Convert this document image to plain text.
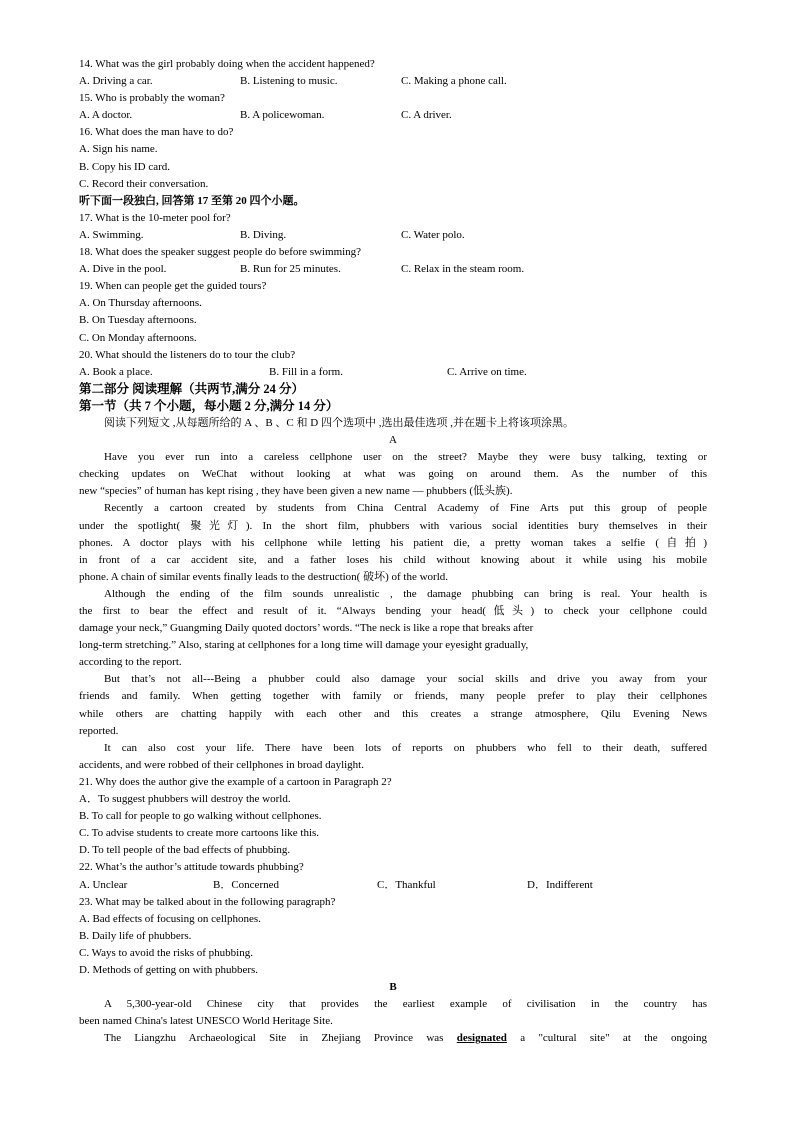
14. What was the girl probably doing when the accident happened?
A. Driving a car.	B. Listening to music.	C. Making a phone call.
15. Who is probably the woman?
A. A doctor.	B. A policewoman.	C. A driver.
16. What does the man have to do?
A. Sign his name.
B. Copy his ID card.
C. Record their conversation.
听下面一段独白, 回答第 17 至第 20 四个小题。
17. What is the 10-meter pool for?
A. Swimming.	B. Diving.	C. Water polo.
18. What does the speaker suggest people do before swimming?
A. Dive in the pool.	B. Run for 25 minutes.	C. Relax in the steam room.
19. When can people get the guided tours?
A. On Thursday afternoons.
B. On Tuesday afternoons.
C. On Monday afternoons.
20. What should the listeners do to tour the club?
A. Book a place.	B. Fill in a form.	C. Arrive on time.
第二部分 阅读理解（共两节,满分 24 分）
第一节（共 7 个小题，每小题 2 分,满分 14 分）
阅读下列短文 ,从每题所给的 A 、B 、C 和 D 四个选项中 ,选出最佳选项 ,并在题卡上将该项涂黑。
A
Have you ever run into a careless cellphone user on the street? Maybe they were busy talking, texting or
checking updates on WeChat without looking at what was going on around them. As the number of this
new “species” of human has kept rising , they have been given a new name — phubbers (低头族).
Recently a cartoon created by students from China Central Academy of Fine Arts put this group of people
under the spotlight( 聚光灯). In the short film, phubbers with various social identities bury themselves in their
phones. A doctor plays with his cellphone while letting his patient die, a pretty woman takes a selfie (自拍)
in front of a car accident site, and a father loses his child without knowing about it while using his mobile
phone. A chain of similar events finally leads to the destruction( 破坏) of the world.
Although the ending of the film sounds unrealistic , the damage phubbing can bring is real. Your health is
the first to bear the effect and result of it. “Always bending your head(低头) to check your cellphone could
damage your neck,” Guangming Daily quoted doctors’ words. “The neck is like a rope that breaks after
long-term stretching.” Also, staring at cellphones for a long time will damage your eyesight gradually,
according to the report.
But that’s not all---Being a phubber could also damage your social skills and drive you away from your
friends and family. When getting together with family or friends, many people prefer to play their cellphones
while others are chatting happily with each other and this creates a strange atmosphere, Qilu Evening News
reported.
It can also cost your life. There have been lots of reports on phubbers who fell to their death, suffered
accidents, and were robbed of their cellphones in broad daylight.
21. Why does the author give the example of a cartoon in Paragraph 2?
A．To suggest phubbers will destroy the world.
B. To call for people to go walking without cellphones.
C. To advise students to create more cartoons like this.
D. To tell people of the bad effects of phubbing.
22. What’s the author’s attitude towards phubbing?
A. Unclear	B．Concerned	C．Thankful	D．Indifferent
23. What may be talked about in the following paragraph?
A. Bad effects of focusing on cellphones.
B. Daily life of phubbers.
C. Ways to avoid the risks of phubbing.
D. Methods of getting on with phubbers.
B
A 5,300-year-old Chinese city that provides the earliest example of civilisation in the country has
been named China's latest UNESCO World Heritage Site.
The Liangzhu Archaeological Site in Zhejiang Province was designated a "cultural site" at the ongoing
